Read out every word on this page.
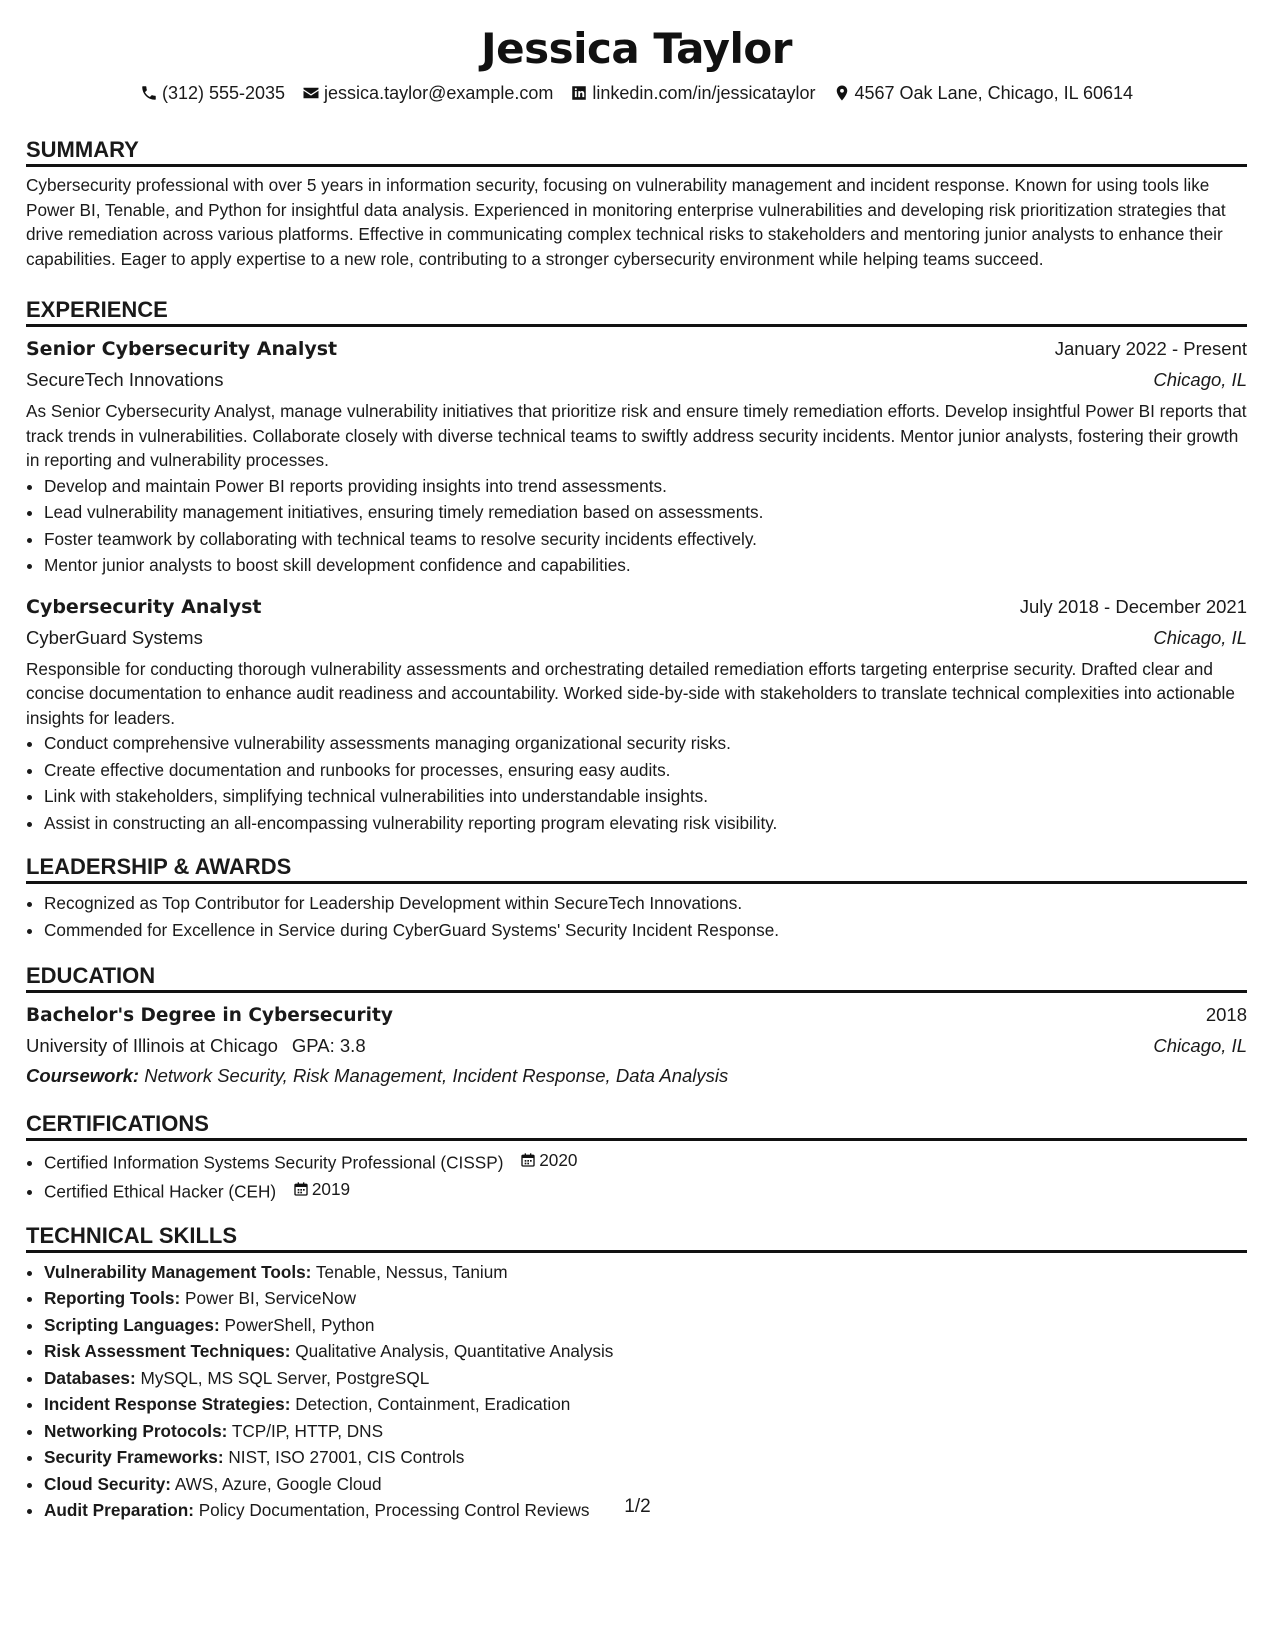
Jessica Taylor
(312) 555-2035 jessica.taylor@example.com linkedin.com/in/jessicataylor 4567 Oak Lane, Chicago, IL 60614
SUMMARY

Cybersecurity professional with over 5 years in information security, focusing on vulnerability management and incident response. Known for using tools like Power BI, Tenable, and Python for insightful data analysis. Experienced in monitoring enterprise vulnerabilities and developing risk prioritization strategies that drive remediation across various platforms. Effective in communicating complex technical risks to stakeholders and mentoring junior analysts to enhance their capabilities. Eager to apply expertise to a new role, contributing to a stronger cybersecurity environment while helping teams succeed.

EXPERIENCE
Senior Cybersecurity Analyst	January 2022 - Present
SecureTech Innovations	Chicago, IL

As Senior Cybersecurity Analyst, manage vulnerability initiatives that prioritize risk and ensure timely remediation efforts. Develop insightful Power BI reports that track trends in vulnerabilities. Collaborate closely with diverse technical teams to swiftly address security incidents. Mentor junior analysts, fostering their growth in reporting and vulnerability processes.

• Develop and maintain Power BI reports providing insights into trend assessments.
• Lead vulnerability management initiatives, ensuring timely remediation based on assessments.
• Foster teamwork by collaborating with technical teams to resolve security incidents effectively.
• Mentor junior analysts to boost skill development confidence and capabilities.
Cybersecurity Analyst	July 2018 - December 2021
CyberGuard Systems	Chicago, IL

Responsible for conducting thorough vulnerability assessments and orchestrating detailed remediation efforts targeting enterprise security. Drafted clear and concise documentation to enhance audit readiness and accountability. Worked side-by-side with stakeholders to translate technical complexities into actionable insights for leaders.

• Conduct comprehensive vulnerability assessments managing organizational security risks.
• Create effective documentation and runbooks for processes, ensuring easy audits.
• Link with stakeholders, simplifying technical vulnerabilities into understandable insights.
• Assist in constructing an all-encompassing vulnerability reporting program elevating risk visibility.
LEADERSHIP & AWARDS
• Recognized as Top Contributor for Leadership Development within SecureTech Innovations.
• Commended for Excellence in Service during CyberGuard Systems' Security Incident Response.
EDUCATION
Bachelor's Degree in Cybersecurity	2018
University of Illinois at Chicago GPA: 3.8	Chicago, IL
Coursework: Network Security, Risk Management, Incident Response, Data Analysis
CERTIFICATIONS
• Certified Information Systems Security Professional (CISSP) 2020
• Certified Ethical Hacker (CEH) 2019
TECHNICAL SKILLS
• Vulnerability Management Tools: Tenable, Nessus, Tanium
• Reporting Tools: Power BI, ServiceNow
• Scripting Languages: PowerShell, Python
• Risk Assessment Techniques: Qualitative Analysis, Quantitative Analysis
• Databases: MySQL, MS SQL Server, PostgreSQL
• Incident Response Strategies: Detection, Containment, Eradication
• Networking Protocols: TCP/IP, HTTP, DNS
• Security Frameworks: NIST, ISO 27001, CIS Controls
• Cloud Security: AWS, Azure, Google Cloud
• Audit Preparation: Policy Documentation, Processing Control Reviews	1/2
